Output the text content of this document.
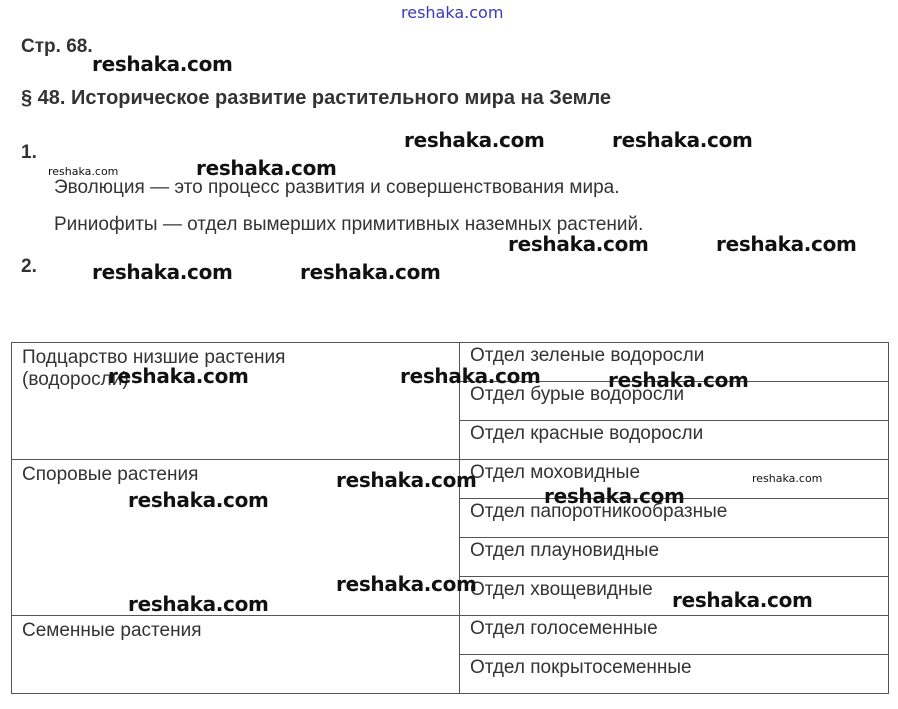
reshaka.com
reshaka.com
reshaka.com	reshaka.com
reshaka.com	reshaka.com
reshaka.com	reshaka.com
reshaka.com	reshaka.com
reshaka.com	reshaka.com	reshaka.com
reshaka.com	reshaka.com
reshaka.com	reshaka.com
reshaka.com
reshaka.com
reshaka.com
Стр. 68.
§ 48. Историческое развитие растительного мира на Земле
1.
Эволюция — это процесс развития и совершенствования мира.
Риниофиты — отдел вымерших примитивных наземных растений.
2.
Подцарство низшие растения
(водоросли)	Отдел зеленые водоросли
	Отдел бурые водоросли
	Отдел красные водоросли

Споровые растения	Отдел моховидные
	Отдел папоротникообразные
	Отдел плауновидные
	Отдел хвощевидные

Семенные растения	Отдел голосеменные
	Отдел покрытосеменные
